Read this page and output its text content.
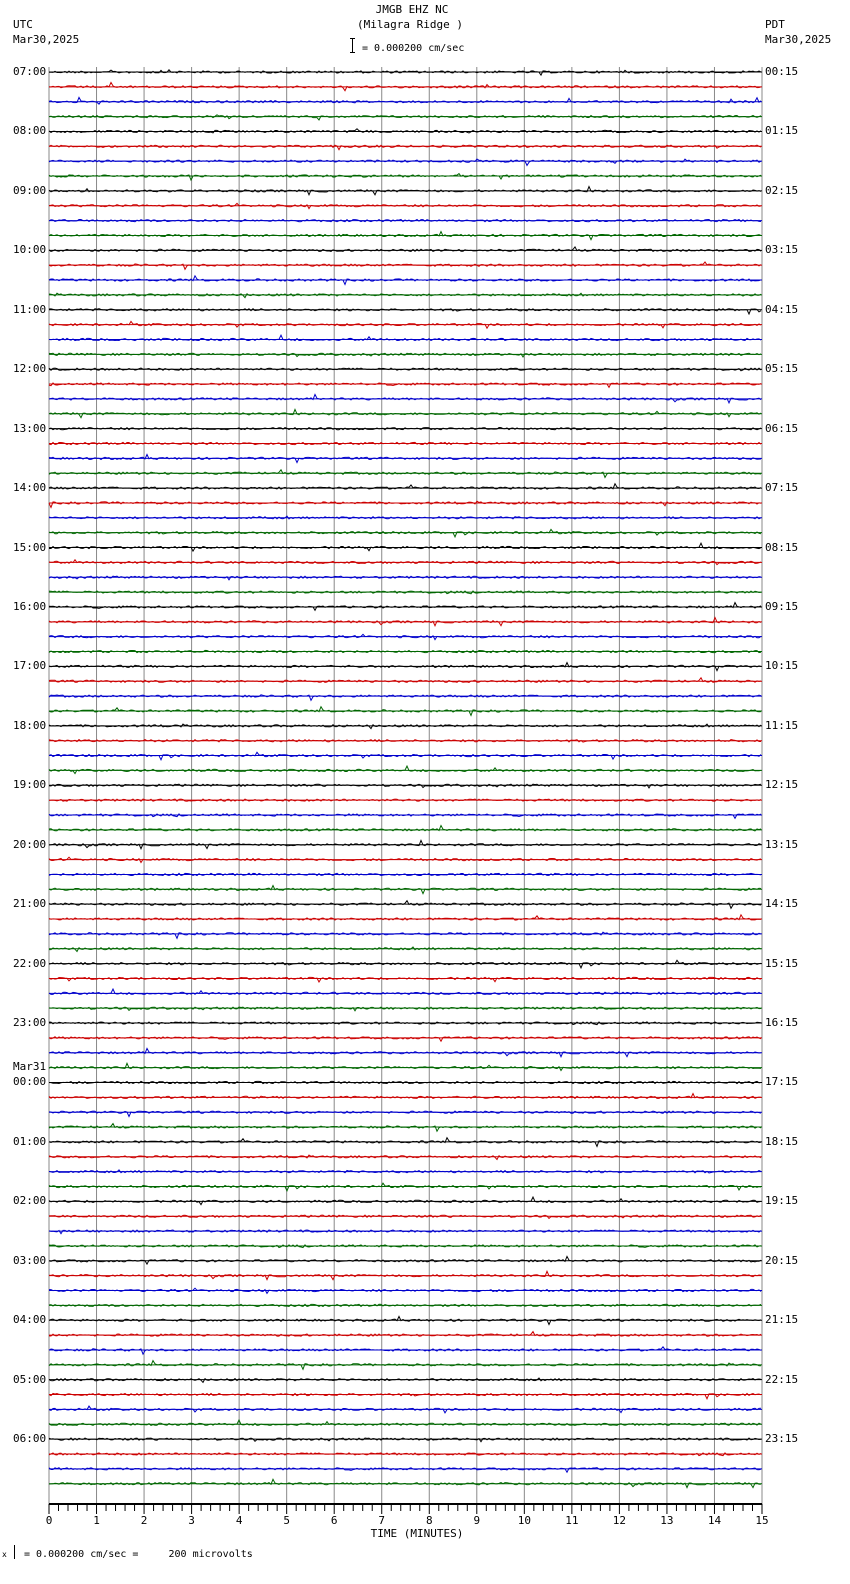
JMGB EHZ NC
(Milagra Ridge )
UTC
Mar30,2025
PDT
Mar30,2025
= 0.000200 cm/sec
0	1	2	3	4	5	6	7	8	9	10	11	12	13	14	15
07:00
08:00
09:00
10:00
11:00
12:00
13:00
14:00
15:00
16:00
17:00
18:00
19:00
20:00
21:00
22:00
23:00
00:00
Mar31
01:00
02:00
03:00
04:00
05:00
06:00
00:15
01:15
02:15
03:15
04:15
05:15
06:15
07:15
08:15
09:15
10:15
11:15
12:15
13:15
14:15
15:15
16:15
17:15
18:15
19:15
20:15
21:15
22:15
23:15
TIME (MINUTES)
x = 0.000200 cm/sec =     200 microvolts
